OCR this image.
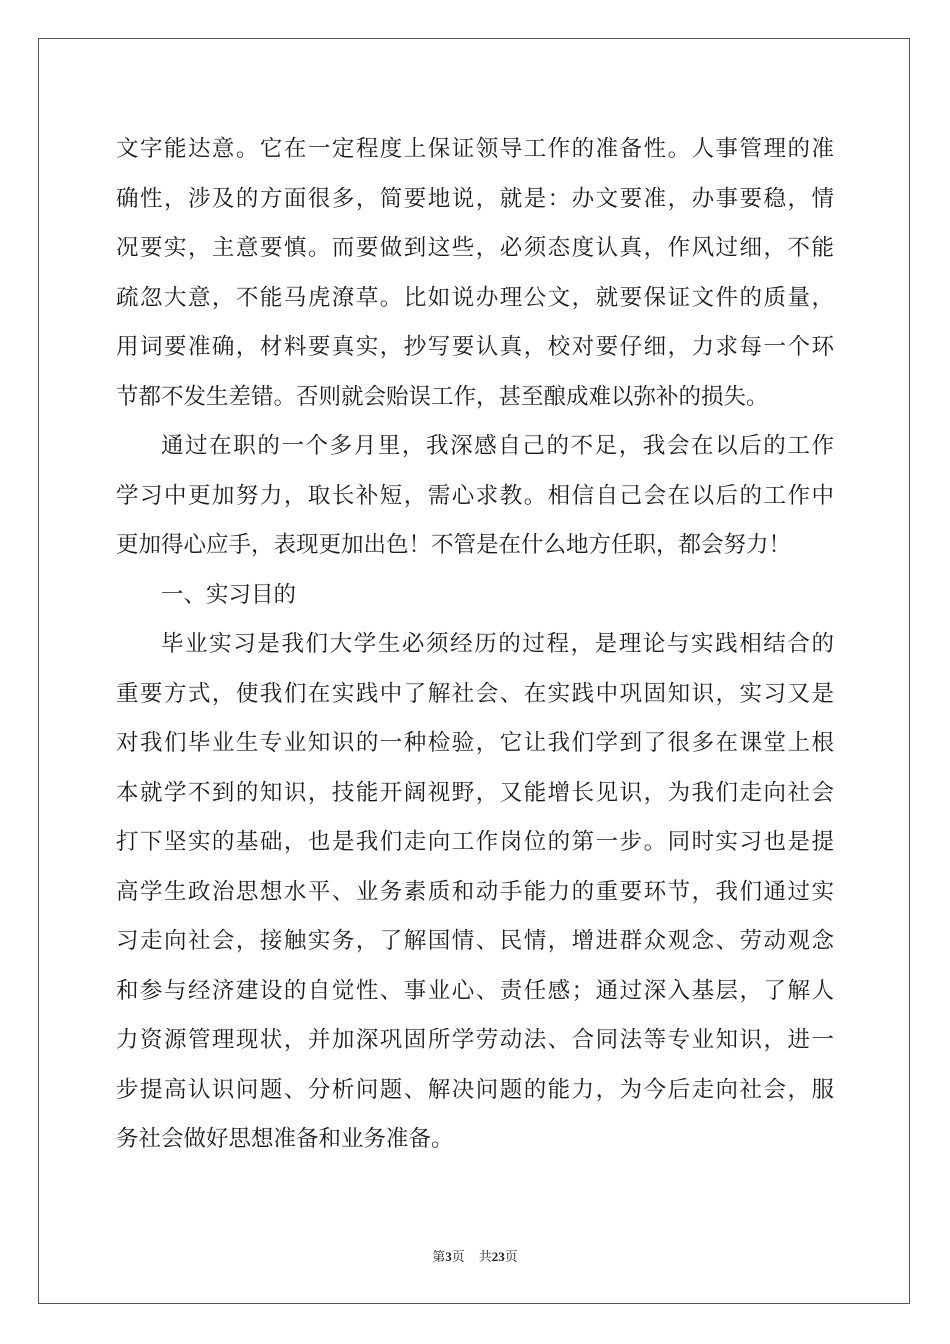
文字能达意。它在一定程度上保证领导工作的准备性。人事管理的准
确性，涉及的方面很多，简要地说，就是：办文要准，办事要稳，情
况要实，主意要慎。而要做到这些，必须态度认真，作风过细，不能
疏忽大意，不能马虎潦草。比如说办理公文，就要保证文件的质量，
用词要准确，材料要真实，抄写要认真，校对要仔细，力求每一个环
节都不发生差错。否则就会贻误工作，甚至酿成难以弥补的损失。
通过在职的一个多月里，我深感自己的不足，我会在以后的工作
学习中更加努力，取长补短，需心求教。相信自己会在以后的工作中
更加得心应手，表现更加出色！不管是在什么地方任职，都会努力！
一、实习目的
毕业实习是我们大学生必须经历的过程，是理论与实践相结合的
重要方式，使我们在实践中了解社会、在实践中巩固知识，实习又是
对我们毕业生专业知识的一种检验，它让我们学到了很多在课堂上根
本就学不到的知识，技能开阔视野，又能增长见识，为我们走向社会
打下坚实的基础，也是我们走向工作岗位的第一步。同时实习也是提
高学生政治思想水平、业务素质和动手能力的重要环节，我们通过实
习走向社会，接触实务，了解国情、民情，增进群众观念、劳动观念
和参与经济建设的自觉性、事业心、责任感；通过深入基层，了解人
力资源管理现状，并加深巩固所学劳动法、合同法等专业知识，进一
步提高认识问题、分析问题、解决问题的能力，为今后走向社会，服
务社会做好思想准备和业务准备。
第3页 共23页
